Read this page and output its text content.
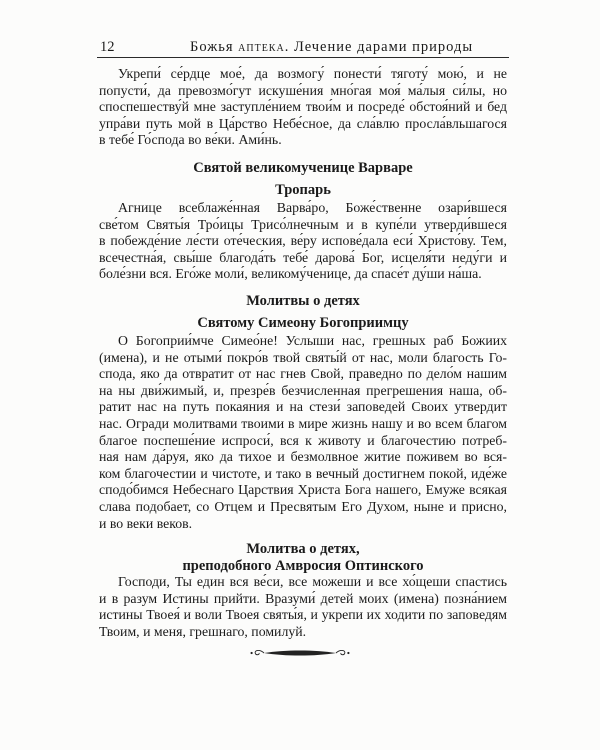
12	Божья аптека. Лечение дарами природы
Укрепи́ се́рдце мое́, да возмогу́ понести́ тяготу́ мою́, и не
попусти́, да превозмо́гут искуше́ния мно́гая моя́ ма́лыя си́лы, но
споспешеству́й мне заступле́нием твои́м и посреде́ обстоя́ний и бед
упра́ви путь мой в Ца́рство Небе́сное, да сла́влю просла́вльшагося
в тебе́ Го́спода во ве́ки. Ами́нь.
Святой великомученице Варваре
Тропарь
Агнице всеблаже́нная Варва́ро, Боже́ственне озари́вшеся
све́том Святы́я Тро́ицы Трисо́лнечным и в купе́ли утверди́вшеся
в побежде́ние ле́сти оте́ческия, ве́ру испове́дала еси́ Христо́ву. Тем,
всечестна́я, свы́ше благода́ть тебе́ дарова́ Бог, исцеля́ти неду́ги и
боле́зни вся. Его́же моли́, великому́ченице, да спасе́т ду́ши на́ша.
Молитвы о детях
Святому Симеону Богоприимцу
О Богоприи́мче Симео́не! Услыши нас, грешных раб Божиих
(имена), и не отыми́ покро́в твой святы́й от нас, моли благость Го-
спода, яко да отвратит от нас гнев Свой, праведно по дело́м нашим
на ны дви́жимый, и, презре́в безчисленная прегрешения наша, об-
ратит нас на путь покаяния и на стези́ заповедей Своих утвердит
нас. Огради молитвами твоими в мире жизнь нашу и во всем благом
благое поспеше́ние испроси́, вся к животу и благочестию потреб-
ная нам да́руя, яко да тихое и безмолвное житие поживем во вся-
ком благочестии и чистоте, и тако в вечный достигнем покой, иде́же
сподо́бимся Небеснаго Царствия Христа Бога нашего, Емуже всякая
слава подобает, со Отцем и Пресвятым Его Духом, ныне и присно,
и во веки веков.
Молитва о детях,
преподобного Амвросия Оптинского
Господи, Ты един вся ве́си, все можеши и все хо́щеши спастись
и в разум Истины прийти. Вразуми́ детей моих (имена) позна́нием
истины Твоея́ и воли Твоея святы́я, и укрепи их ходити по заповедям
Твоим, и меня, грешнаго, помилуй.
